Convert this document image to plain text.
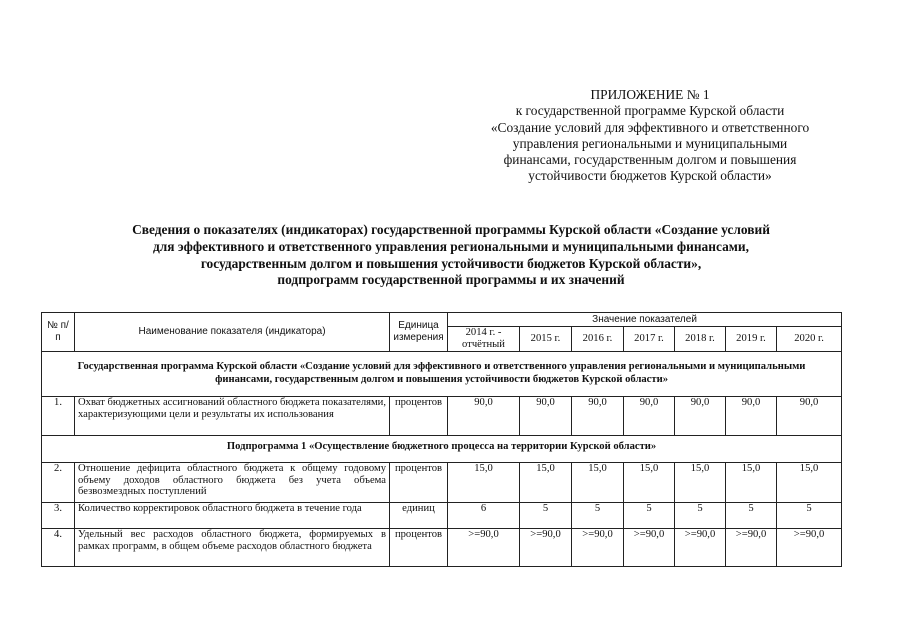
ПРИЛОЖЕНИЕ № 1
к государственной программе Курской области
«Создание условий для эффективного и ответственного
управления региональными и муниципальными
финансами, государственным долгом и повышения
устойчивости бюджетов Курской области»
Сведения о показателях (индикаторах) государственной программы Курской области «Создание условий
для эффективного и ответственного управления региональными и муниципальными финансами,
государственным долгом и повышения устойчивости бюджетов Курской области»,
подпрограмм государственной программы и их значений
№ п/п	Наименование показателя (индикатора)	Единица измерения	Значение показателей						
			2014 г. - отчётный	2015 г.	2016 г.	2017 г.	2018 г.	2019 г.	2020 г.
Государственная программа Курской области «Создание условий для эффективного и ответственного управления региональными и муниципальными финансами, государственным долгом и повышения устойчивости бюджетов Курской области»									
1.	Охват бюджетных ассигнований областного бюджета показателями, характеризующими цели и результаты их использования	процентов	90,0	90,0	90,0	90,0	90,0	90,0	90,0
Подпрограмма 1 «Осуществление бюджетного процесса на территории Курской области»									
2.	Отношение дефицита областного бюджета к общему годовому объему доходов областного бюджета без учета объема безвозмездных поступлений	процентов	15,0	15,0	15,0	15,0	15,0	15,0	15,0
3.	Количество корректировок областного бюджета в течение года	единиц	6	5	5	5	5	5	5
4.	Удельный вес расходов областного бюджета, формируемых в рамках программ, в общем объеме расходов областного бюджета	процентов	>=90,0	>=90,0	>=90,0	>=90,0	>=90,0	>=90,0	>=90,0
